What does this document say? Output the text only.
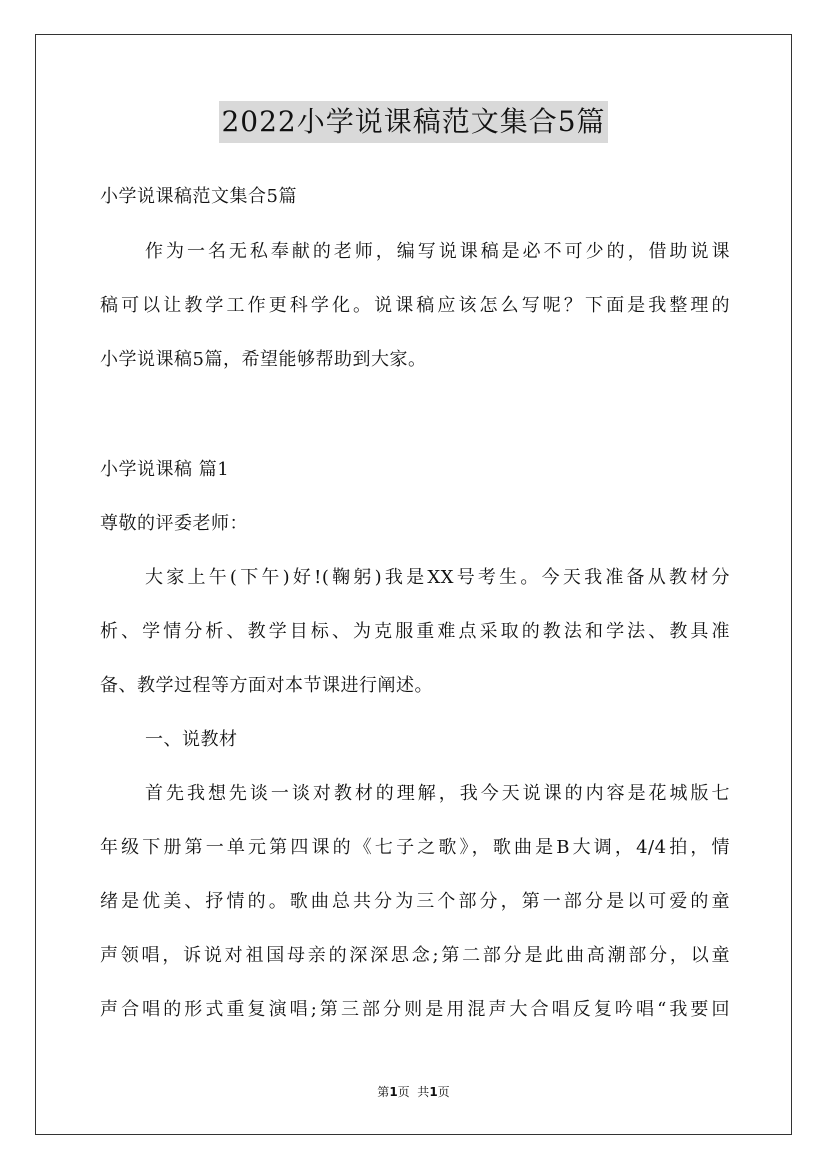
2022小学说课稿范文集合5篇
小学说课稿范文集合5篇
作为一名无私奉献的老师，编写说课稿是必不可少的，借助说课
稿可以让教学工作更科学化。说课稿应该怎么写呢？下面是我整理的
小学说课稿5篇，希望能够帮助到大家。
小学说课稿 篇1
尊敬的评委老师：
大家上午(下午)好!(鞠躬)我是XX号考生。今天我准备从教材分
析、学情分析、教学目标、为克服重难点采取的教法和学法、教具准
备、教学过程等方面对本节课进行阐述。
一、说教材
首先我想先谈一谈对教材的理解，我今天说课的内容是花城版七
年级下册第一单元第四课的《七子之歌》，歌曲是B大调，4/4拍，情
绪是优美、抒情的。歌曲总共分为三个部分，第一部分是以可爱的童
声领唱，诉说对祖国母亲的深深思念;第二部分是此曲高潮部分，以童
声合唱的形式重复演唱;第三部分则是用混声大合唱反复吟唱“我要回
第1页  共1页
